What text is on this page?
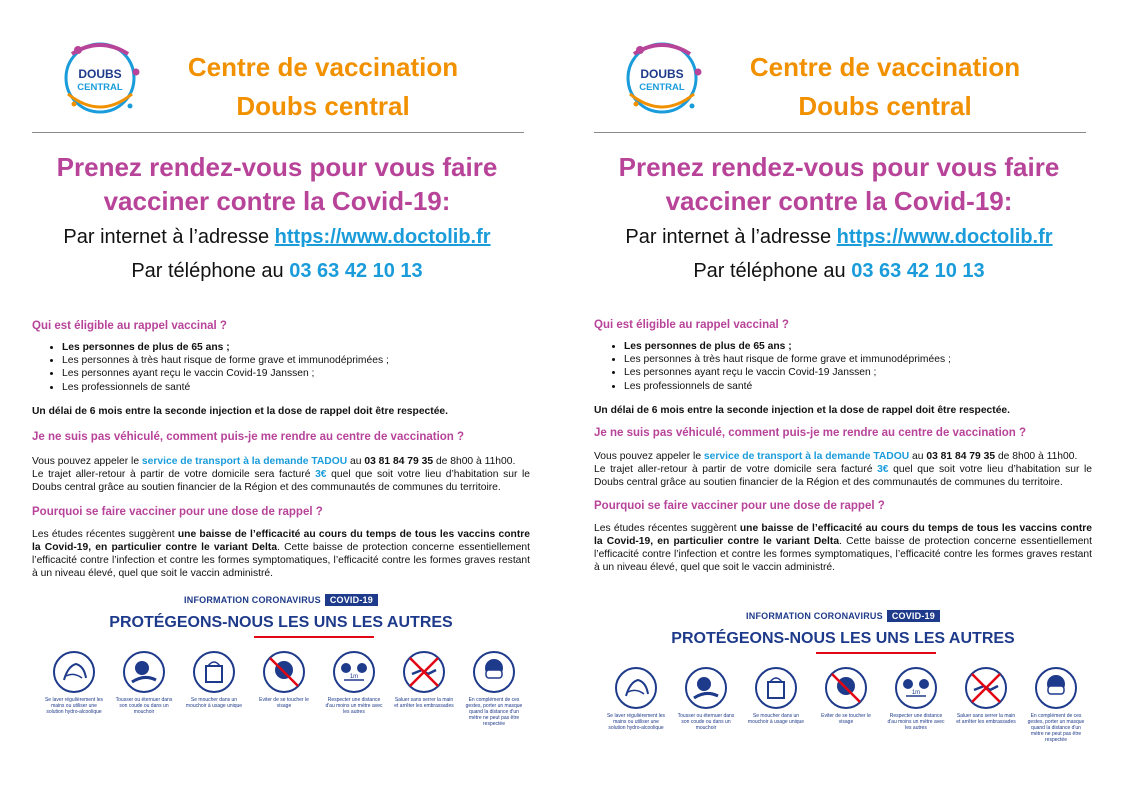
DOUBS
CENTRAL
Centre de vaccination
Doubs central
Prenez rendez-vous pour vous faire
vacciner contre la Covid-19:
Par internet à l’adresse https://www.doctolib.fr
Par téléphone au 03 63 42 10 13
Qui est éligible au rappel vaccinal ?
• Les personnes de plus de 65 ans ;
• Les personnes à très haut risque de forme grave et immunodéprimées ;
• Les personnes ayant reçu le vaccin Covid-19 Janssen ;
• Les professionnels de santé
Un délai de 6 mois entre la seconde injection et la dose de rappel doit être respectée.
Je ne suis pas véhiculé, comment puis-je me rendre au centre de vaccination ?
Vous pouvez appeler le service de transport à la demande TADOU au 03 81 84 79 35 de 8h00 à 11h00.
Le trajet aller-retour à partir de votre domicile sera facturé 3€ quel que soit votre lieu d’habitation sur le Doubs central grâce au soutien financier de la Région et des communautés de communes du territoire.
Pourquoi se faire vacciner pour une dose de rappel ?
Les études récentes suggèrent une baisse de l’efficacité au cours du temps de tous les vaccins contre la Covid-19, en particulier contre le variant Delta. Cette baisse de protection concerne essentiellement l’efficacité contre l’infection et contre les formes symptomatiques, l’efficacité contre les formes graves restant à un niveau élevé, quel que soit le vaccin administré.
INFORMATION CORONAVIRUS COVID-19
PROTÉGEONS-NOUS LES UNS LES AUTRES
Se laver régulièrement les mains ou utiliser une solution hydro-alcoolique
Tousser ou éternuer dans son coude ou dans un mouchoir
Se moucher dans un mouchoir à usage unique
Eviter de se toucher le visage
1m
Respecter une distance d'au moins un mètre avec les autres
Saluer sans serrer la main et arrêter les embrassades
En complément de ces gestes, porter un masque quand la distance d'un mètre ne peut pas être respectée
DOUBS
CENTRAL
Centre de vaccination
Doubs central
Prenez rendez-vous pour vous faire
vacciner contre la Covid-19:
Par internet à l’adresse https://www.doctolib.fr
Par téléphone au 03 63 42 10 13
Qui est éligible au rappel vaccinal ?
• Les personnes de plus de 65 ans ;
• Les personnes à très haut risque de forme grave et immunodéprimées ;
• Les personnes ayant reçu le vaccin Covid-19 Janssen ;
• Les professionnels de santé
Un délai de 6 mois entre la seconde injection et la dose de rappel doit être respectée.
Je ne suis pas véhiculé, comment puis-je me rendre au centre de vaccination ?
Vous pouvez appeler le service de transport à la demande TADOU au 03 81 84 79 35 de 8h00 à 11h00.
Le trajet aller-retour à partir de votre domicile sera facturé 3€ quel que soit votre lieu d’habitation sur le Doubs central grâce au soutien financier de la Région et des communautés de communes du territoire.
Pourquoi se faire vacciner pour une dose de rappel ?
Les études récentes suggèrent une baisse de l’efficacité au cours du temps de tous les vaccins contre la Covid-19, en particulier contre le variant Delta. Cette baisse de protection concerne essentiellement l’efficacité contre l’infection et contre les formes symptomatiques, l’efficacité contre les formes graves restant à un niveau élevé, quel que soit le vaccin administré.
INFORMATION CORONAVIRUS COVID-19
PROTÉGEONS-NOUS LES UNS LES AUTRES
Se laver régulièrement les mains ou utiliser une solution hydro-alcoolique
Tousser ou éternuer dans son coude ou dans un mouchoir
Se moucher dans un mouchoir à usage unique
Eviter de se toucher le visage
1m
Respecter une distance d'au moins un mètre avec les autres
Saluer sans serrer la main et arrêter les embrassades
En complément de ces gestes, porter un masque quand la distance d'un mètre ne peut pas être respectée
